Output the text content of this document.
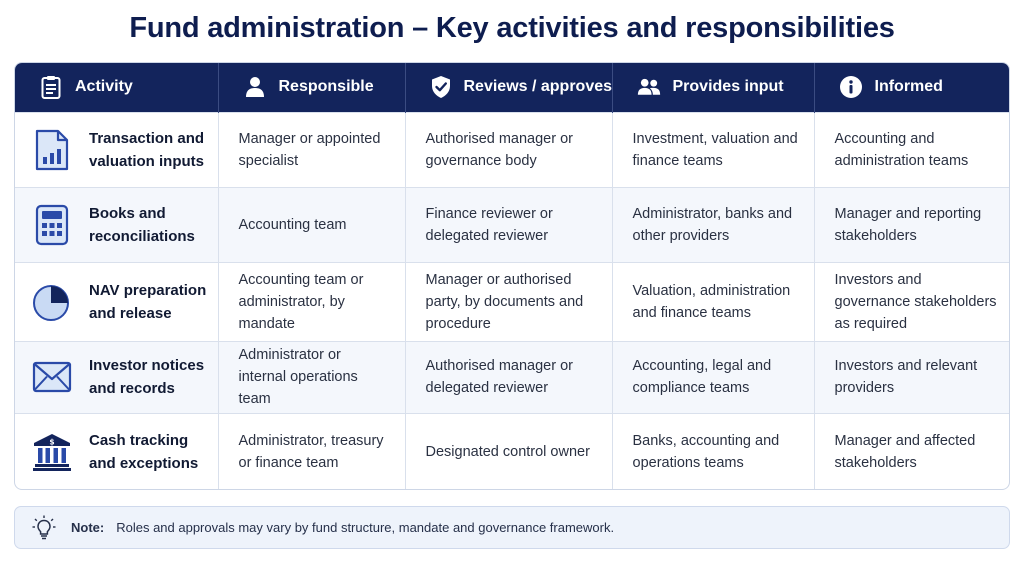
Fund administration – Key activities and responsibilities
Activity	Responsible	Reviews / approves	Provides input	Informed

Transaction and valuation inputs	Manager or appointed specialist	Authorised manager or governance body	Investment, valuation and finance teams	Accounting and administration teams

Books and reconciliations	Accounting team	Finance reviewer or delegated reviewer	Administrator, banks and other providers	Manager and reporting stakeholders

NAV preparation and release	Accounting team or administrator, by mandate	Manager or authorised party, by documents and procedure	Valuation, administration and finance teams	Investors and governance stakeholders as required

Investor notices and records	Administrator or internal operations team	Authorised manager or delegated reviewer	Accounting, legal and compliance teams	Investors and relevant providers

$ Cash tracking and exceptions	Administrator, treasury or finance team	Designated control owner	Banks, accounting and operations teams	Manager and affected stakeholders
Note: Roles and approvals may vary by fund structure, mandate and governance framework.
